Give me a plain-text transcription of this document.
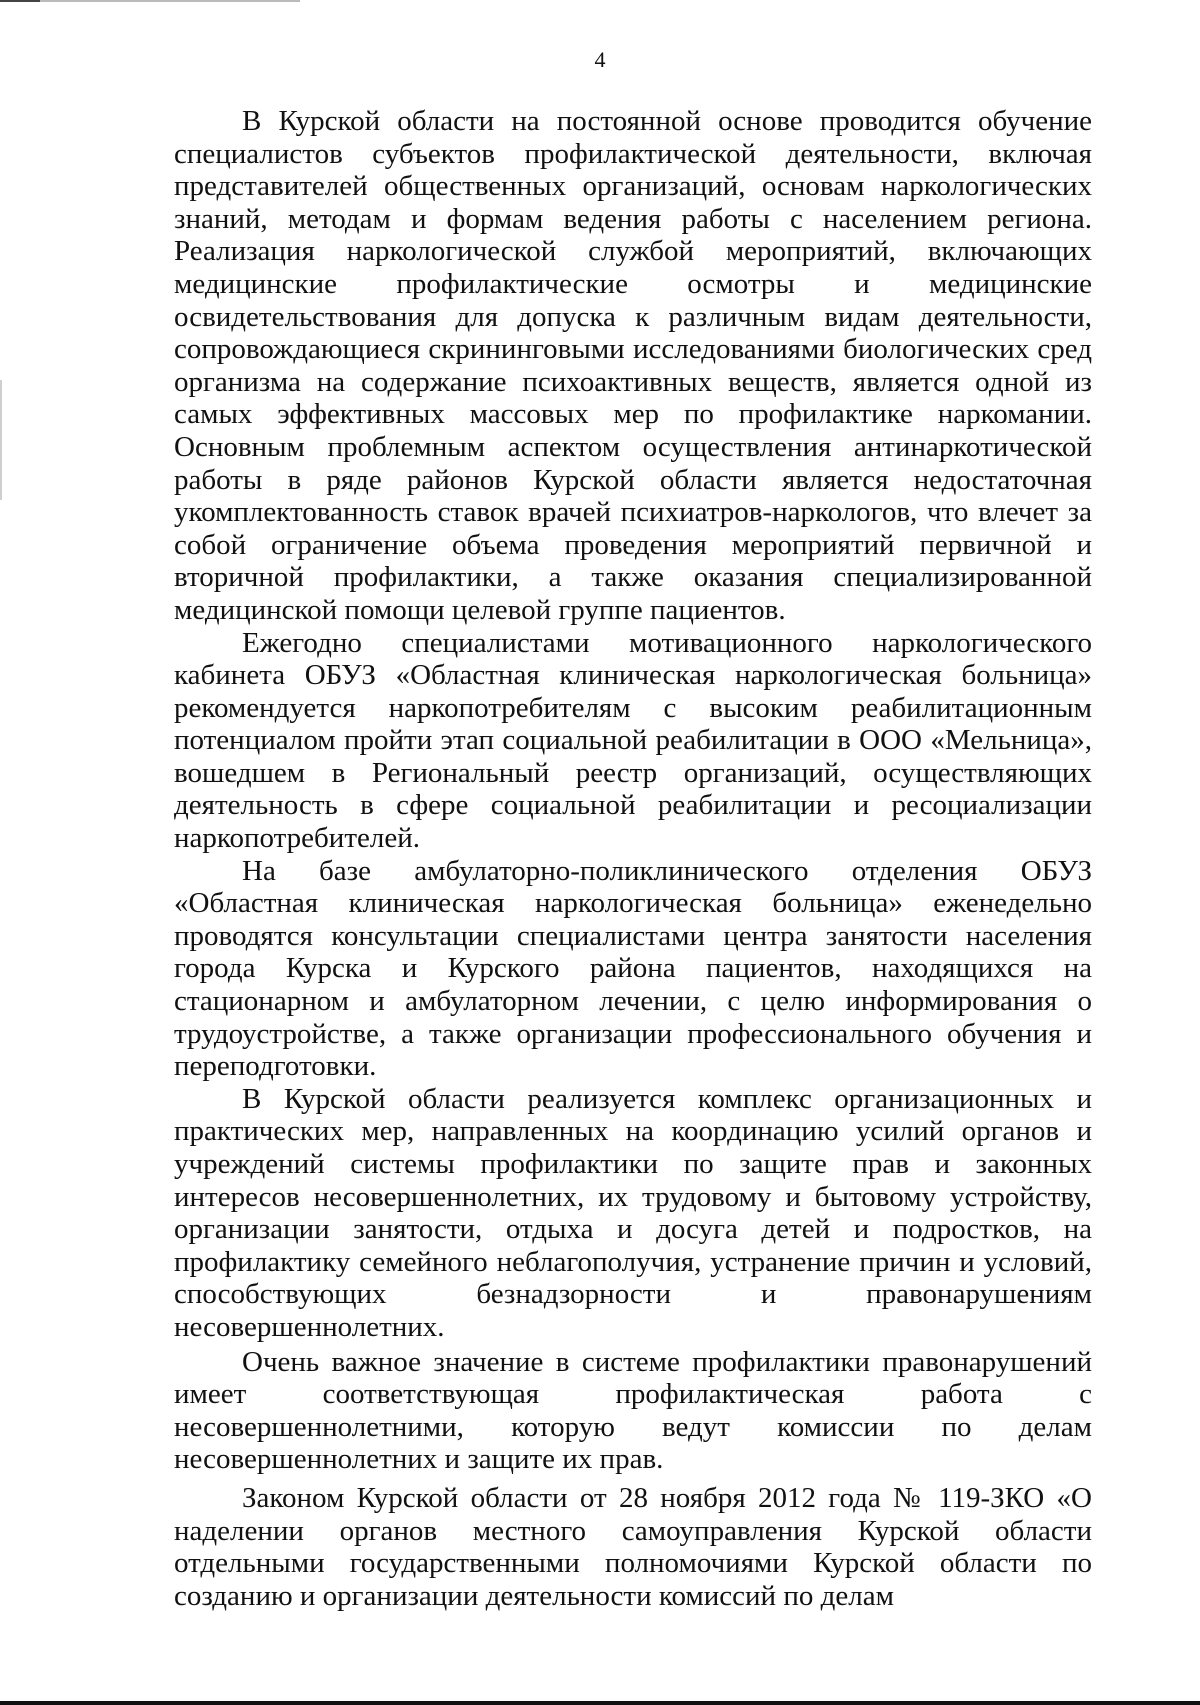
4

В Курской области на постоянной основе проводится обучение специалистов субъектов профилактической деятельности, включая представителей общественных организаций, основам наркологических знаний, методам и формам ведения работы с населением региона. Реализация наркологической службой мероприятий, включающих медицинские профилактические осмотры и медицинские освидетельствования для допуска к различным видам деятельности, сопровождающиеся скрининговыми исследованиями биологических сред организма на содержание психоактивных веществ, является одной из самых эффективных массовых мер по профилактике наркомании. Основным проблемным аспектом осуществления антинаркотической работы в ряде районов Курской области является недостаточная укомплектованность ставок врачей психиатров-наркологов, что влечет за собой ограничение объема проведения мероприятий первичной и вторичной профилактики, а также оказания специализированной медицинской помощи целевой группе пациентов.

Ежегодно специалистами мотивационного наркологического кабинета ОБУЗ «Областная клиническая наркологическая больница» рекомендуется наркопотребителям с высоким реабилитационным потенциалом пройти этап социальной реабилитации в ООО «Мельница», вошедшем в Региональный реестр организаций, осуществляющих деятельность в сфере социальной реабилитации и ресоциализации наркопотребителей.

На базе амбулаторно-поликлинического отделения ОБУЗ «Областная клиническая наркологическая больница» еженедельно проводятся консультации специалистами центра занятости населения города Курска и Курского района пациентов, находящихся на стационарном и амбулаторном лечении, с целю информирования о трудоустройстве, а также организации профессионального обучения и переподготовки.

В Курской области реализуется комплекс организационных и практических мер, направленных на координацию усилий органов и учреждений системы профилактики по защите прав и законных интересов несовершеннолетних, их трудовому и бытовому устройству, организации занятости, отдыха и досуга детей и подростков, на профилактику семейного неблагополучия, устранение причин и условий, способствующих безнадзорности и правонарушениям несовершеннолетних.

Очень важное значение в системе профилактики правонарушений имеет соответствующая профилактическая работа с несовершеннолетними, которую ведут комиссии по делам несовершеннолетних и защите их прав.

Законом Курской области от 28 ноября 2012 года № 119-ЗКО «О наделении органов местного самоуправления Курской области отдельными государственными полномочиями Курской области по созданию и организации деятельности комиссий по делам
